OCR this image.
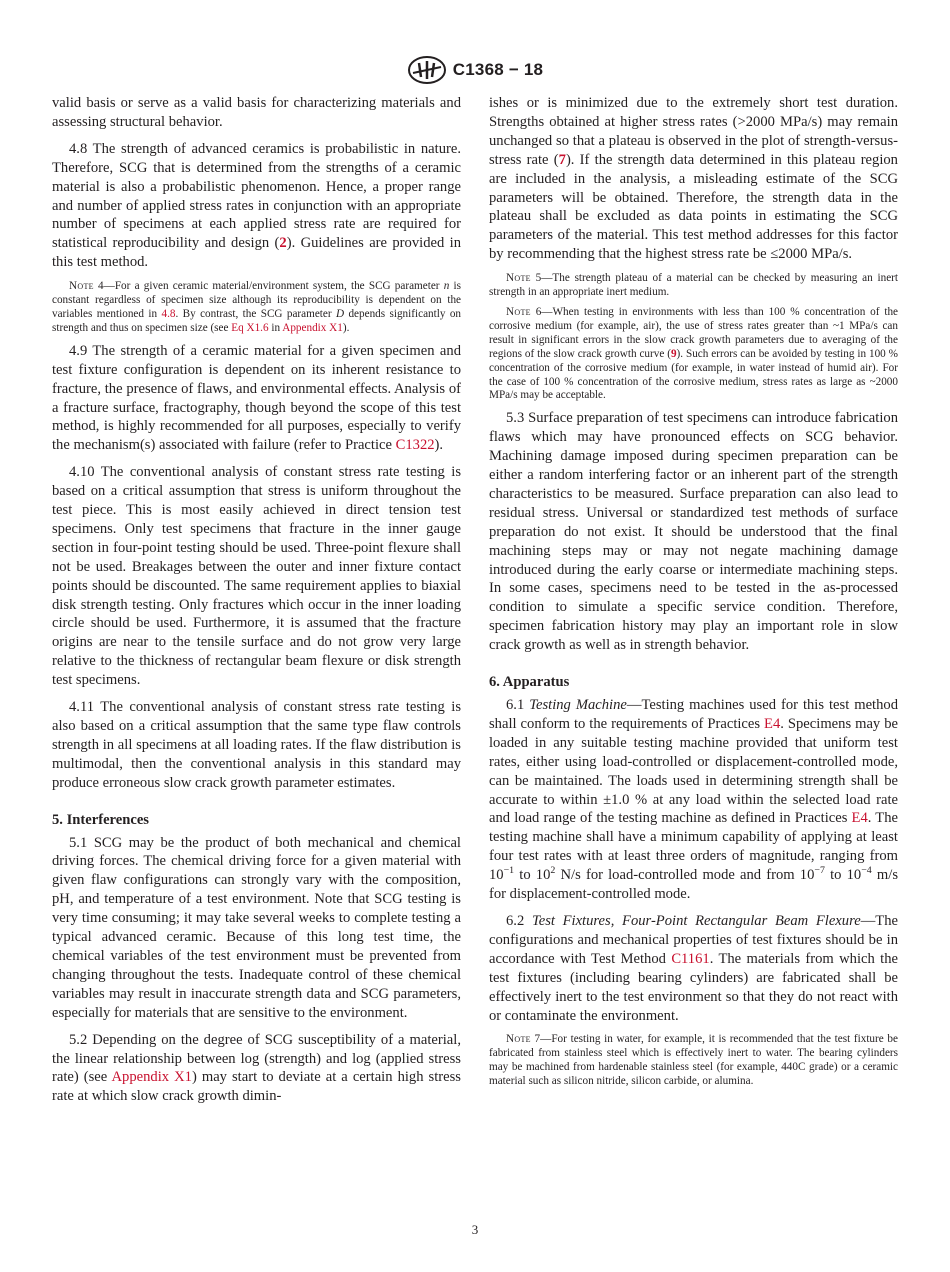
C1368 − 18
valid basis or serve as a valid basis for characterizing materials and assessing structural behavior.
4.8 The strength of advanced ceramics is probabilistic in nature. Therefore, SCG that is determined from the strengths of a ceramic material is also a probabilistic phenomenon. Hence, a proper range and number of applied stress rates in conjunction with an appropriate number of specimens at each applied stress rate are required for statistical reproducibility and design (2). Guidelines are provided in this test method.
Note 4—For a given ceramic material/environment system, the SCG parameter n is constant regardless of specimen size although its reproducibility is dependent on the variables mentioned in 4.8. By contrast, the SCG parameter D depends significantly on strength and thus on specimen size (see Eq X1.6 in Appendix X1).
4.9 The strength of a ceramic material for a given specimen and test fixture configuration is dependent on its inherent resistance to fracture, the presence of flaws, and environmental effects. Analysis of a fracture surface, fractography, though beyond the scope of this test method, is highly recommended for all purposes, especially to verify the mechanism(s) associated with failure (refer to Practice C1322).
4.10 The conventional analysis of constant stress rate testing is based on a critical assumption that stress is uniform throughout the test piece. This is most easily achieved in direct tension test specimens. Only test specimens that fracture in the inner gauge section in four-point testing should be used. Three-point flexure shall not be used. Breakages between the outer and inner fixture contact points should be discounted. The same requirement applies to biaxial disk strength testing. Only fractures which occur in the inner loading circle should be used. Furthermore, it is assumed that the fracture origins are near to the tensile surface and do not grow very large relative to the thickness of rectangular beam flexure or disk strength test specimens.
4.11 The conventional analysis of constant stress rate testing is also based on a critical assumption that the same type flaw controls strength in all specimens at all loading rates. If the flaw distribution is multimodal, then the conventional analysis in this standard may produce erroneous slow crack growth parameter estimates.
5. Interferences
5.1 SCG may be the product of both mechanical and chemical driving forces. The chemical driving force for a given material with given flaw configurations can strongly vary with the composition, pH, and temperature of a test environment. Note that SCG testing is very time consuming; it may take several weeks to complete testing a typical advanced ceramic. Because of this long test time, the chemical variables of the test environment must be prevented from changing throughout the tests. Inadequate control of these chemical variables may result in inaccurate strength data and SCG parameters, especially for materials that are sensitive to the environment.
5.2 Depending on the degree of SCG susceptibility of a material, the linear relationship between log (strength) and log (applied stress rate) (see Appendix X1) may start to deviate at a certain high stress rate at which slow crack growth dimin-
ishes or is minimized due to the extremely short test duration. Strengths obtained at higher stress rates (>2000 MPa/s) may remain unchanged so that a plateau is observed in the plot of strength-versus-stress rate (7). If the strength data determined in this plateau region are included in the analysis, a misleading estimate of the SCG parameters will be obtained. Therefore, the strength data in the plateau shall be excluded as data points in estimating the SCG parameters of the material. This test method addresses for this factor by recommending that the highest stress rate be ≤2000 MPa/s.
Note 5—The strength plateau of a material can be checked by measuring an inert strength in an appropriate inert medium.
Note 6—When testing in environments with less than 100 % concentration of the corrosive medium (for example, air), the use of stress rates greater than ~1 MPa/s can result in significant errors in the slow crack growth parameters due to averaging of the regions of the slow crack growth curve (9). Such errors can be avoided by testing in 100 % concentration of the corrosive medium (for example, in water instead of humid air). For the case of 100 % concentration of the corrosive medium, stress rates as large as ~2000 MPa/s may be acceptable.
5.3 Surface preparation of test specimens can introduce fabrication flaws which may have pronounced effects on SCG behavior. Machining damage imposed during specimen preparation can be either a random interfering factor or an inherent part of the strength characteristics to be measured. Surface preparation can also lead to residual stress. Universal or standardized test methods of surface preparation do not exist. It should be understood that the final machining steps may or may not negate machining damage introduced during the early coarse or intermediate machining steps. In some cases, specimens need to be tested in the as-processed condition to simulate a specific service condition. Therefore, specimen fabrication history may play an important role in slow crack growth as well as in strength behavior.
6. Apparatus
6.1 Testing Machine—Testing machines used for this test method shall conform to the requirements of Practices E4. Specimens may be loaded in any suitable testing machine provided that uniform test rates, either using load-controlled or displacement-controlled mode, can be maintained. The loads used in determining strength shall be accurate to within ±1.0 % at any load within the selected load rate and load range of the testing machine as defined in Practices E4. The testing machine shall have a minimum capability of applying at least four test rates with at least three orders of magnitude, ranging from $10^{-1}$ to $10^2$ N/s for load-controlled mode and from $10^{-7}$ to $10^{-4}$ m/s for displacement-controlled mode.
6.2 Test Fixtures, Four-Point Rectangular Beam Flexure—The configurations and mechanical properties of test fixtures should be in accordance with Test Method C1161. The materials from which the test fixtures (including bearing cylinders) are fabricated shall be effectively inert to the test environment so that they do not react with or contaminate the environment.
Note 7—For testing in water, for example, it is recommended that the test fixture be fabricated from stainless steel which is effectively inert to water. The bearing cylinders may be machined from hardenable stainless steel (for example, 440C grade) or a ceramic material such as silicon nitride, silicon carbide, or alumina.
3
